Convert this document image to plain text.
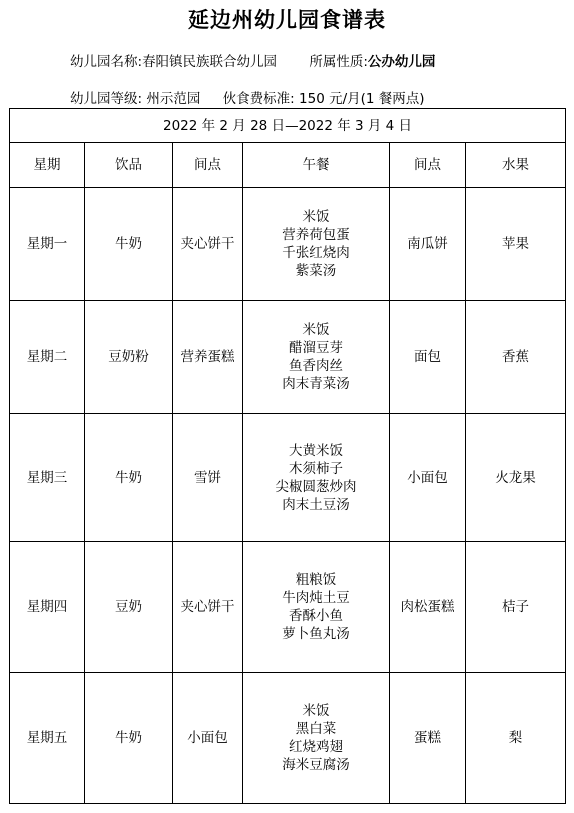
延边州幼儿园食谱表
幼儿园名称:春阳镇民族联合幼儿园 所属性质:公办幼儿园
幼儿园等级: 州示范园 伙食费标准: 150 元/月(1 餐两点)
2022 年 2 月 28 日—2022 年 3 月 4 日					
星期	饮品	间点	午餐	间点	水果
星期一	牛奶	夹心饼干	米饭
营养荷包蛋
千张红烧肉
紫菜汤	南瓜饼	苹果
星期二	豆奶粉	营养蛋糕	米饭
醋溜豆芽
鱼香肉丝
肉末青菜汤	面包	香蕉
星期三	牛奶	雪饼	大黄米饭
木须柿子
尖椒圆葱炒肉
肉末土豆汤	小面包	火龙果
星期四	豆奶	夹心饼干	粗粮饭
牛肉炖土豆
香酥小鱼
萝卜鱼丸汤	肉松蛋糕	桔子
星期五	牛奶	小面包	米饭
黑白菜
红烧鸡翅
海米豆腐汤	蛋糕	梨
